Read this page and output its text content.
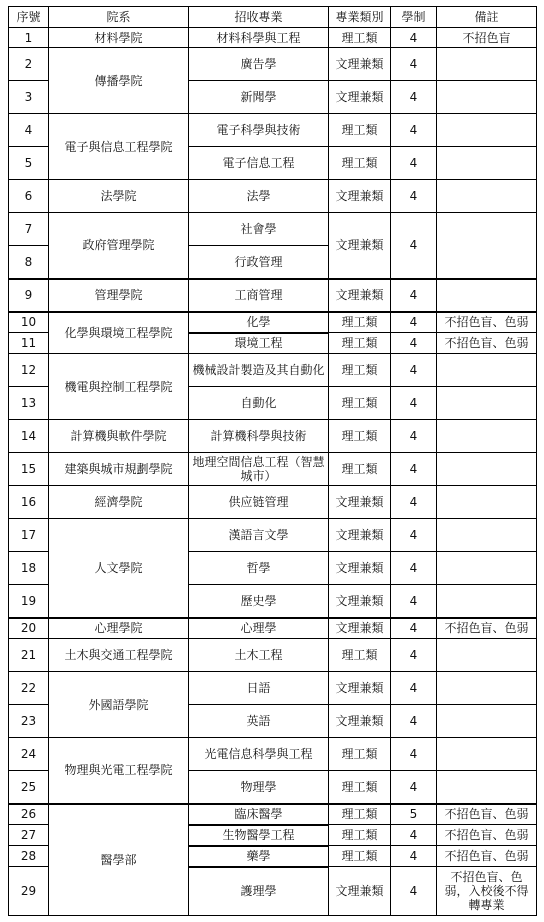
序號	院系	招收專業	專業類別	學制	備註
1	材料學院	材料科學與工程	理工類	4	不招色盲
2	傳播學院	廣告學	文理兼類	4	
3		新聞學	文理兼類	4	
4	電子與信息工程學院	電子科學與技術	理工類	4	
5		電子信息工程	理工類	4	
6	法學院	法學	文理兼類	4	
7	政府管理學院	社會學	文理兼類	4	
8		行政管理			
9	管理學院	工商管理	文理兼類	4	
10	化學與環境工程學院	化學	理工類	4	不招色盲、色弱
11		環境工程	理工類	4	不招色盲、色弱
12	機電與控制工程學院	機械設計製造及其自動化	理工類	4	
13		自動化	理工類	4	
14	計算機與軟件學院	計算機科學與技術	理工類	4	
15	建築與城市規劃學院	地理空間信息工程（智慧城市）	理工類	4	
16	經濟學院	供应链管理	文理兼類	4	
17	人文學院	漢語言文學	文理兼類	4	
18		哲學	文理兼類	4	
19		歷史學	文理兼類	4	
20	心理學院	心理學	文理兼類	4	不招色盲、色弱
21	土木與交通工程學院	土木工程	理工類	4	
22	外國語學院	日語	文理兼類	4	
23		英語	文理兼類	4	
24	物理與光電工程學院	光電信息科學與工程	理工類	4	
25		物理學	理工類	4	
26	醫學部	臨床醫學	理工類	5	不招色盲、色弱
27		生物醫學工程	理工類	4	不招色盲、色弱
28		藥學	理工類	4	不招色盲、色弱
29		護理學	文理兼類	4	不招色盲、色弱，入校後不得轉專業
